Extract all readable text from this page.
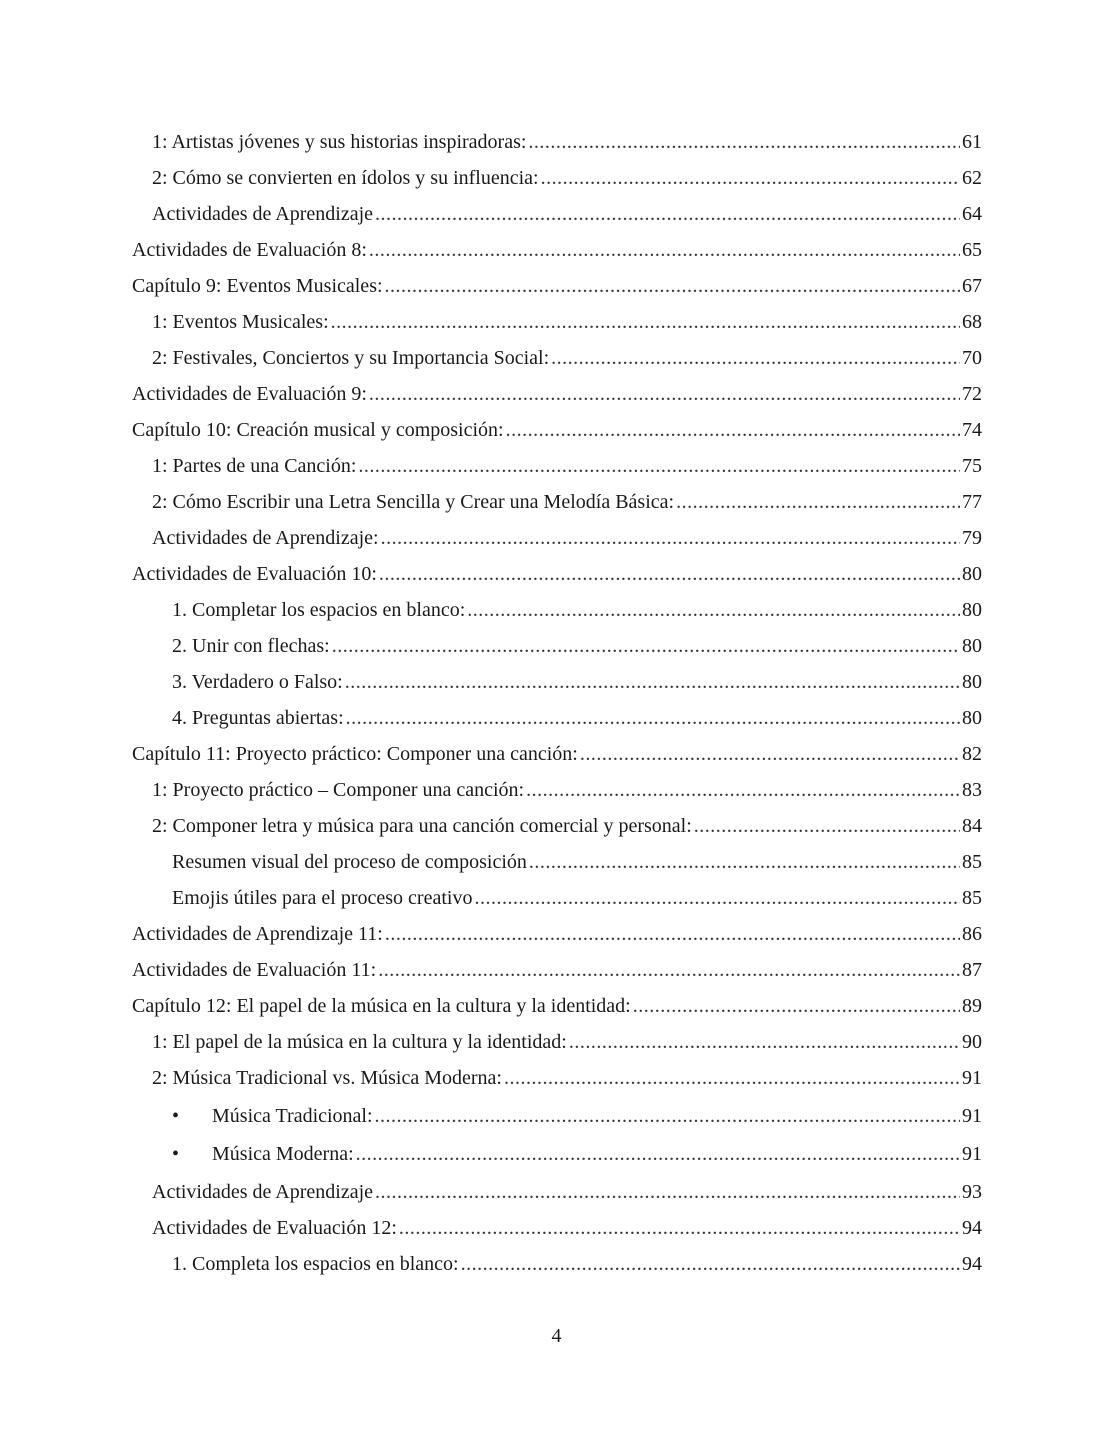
1: Artistas jóvenes y sus historias inspiradoras: .....	61
2: Cómo se convierten en ídolos y su influencia: .....	62
Actividades de Aprendizaje .....	64
Actividades de Evaluación 8: .....	65
Capítulo 9: Eventos Musicales: .....	67
1: Eventos Musicales: .....	68
2: Festivales, Conciertos y su Importancia Social: .....	70
Actividades de Evaluación 9: .....	72
Capítulo 10: Creación musical y composición: .....	74
1: Partes de una Canción: .....	75
2: Cómo Escribir una Letra Sencilla y Crear una Melodía Básica: .....	77
Actividades de Aprendizaje: .....	79
Actividades de Evaluación 10: .....	80
1. Completar los espacios en blanco: .....	80
2. Unir con flechas: .....	80
3. Verdadero o Falso: .....	80
4. Preguntas abiertas: .....	80
Capítulo 11: Proyecto práctico: Componer una canción: .....	82
1: Proyecto práctico – Componer una canción: .....	83
2: Componer letra y música para una canción comercial y personal: .....	84
Resumen visual del proceso de composición .....	85
Emojis útiles para el proceso creativo .....	85
Actividades de Aprendizaje 11: .....	86
Actividades de Evaluación 11: .....	87
Capítulo 12: El papel de la música en la cultura y la identidad: .....	89
1: El papel de la música en la cultura y la identidad: .....	90
2: Música Tradicional vs. Música Moderna: .....	91
•	Música Tradicional: .....	91
•	Música Moderna: .....	91
Actividades de Aprendizaje .....	93
Actividades de Evaluación 12: .....	94
1. Completa los espacios en blanco: .....	94
4
